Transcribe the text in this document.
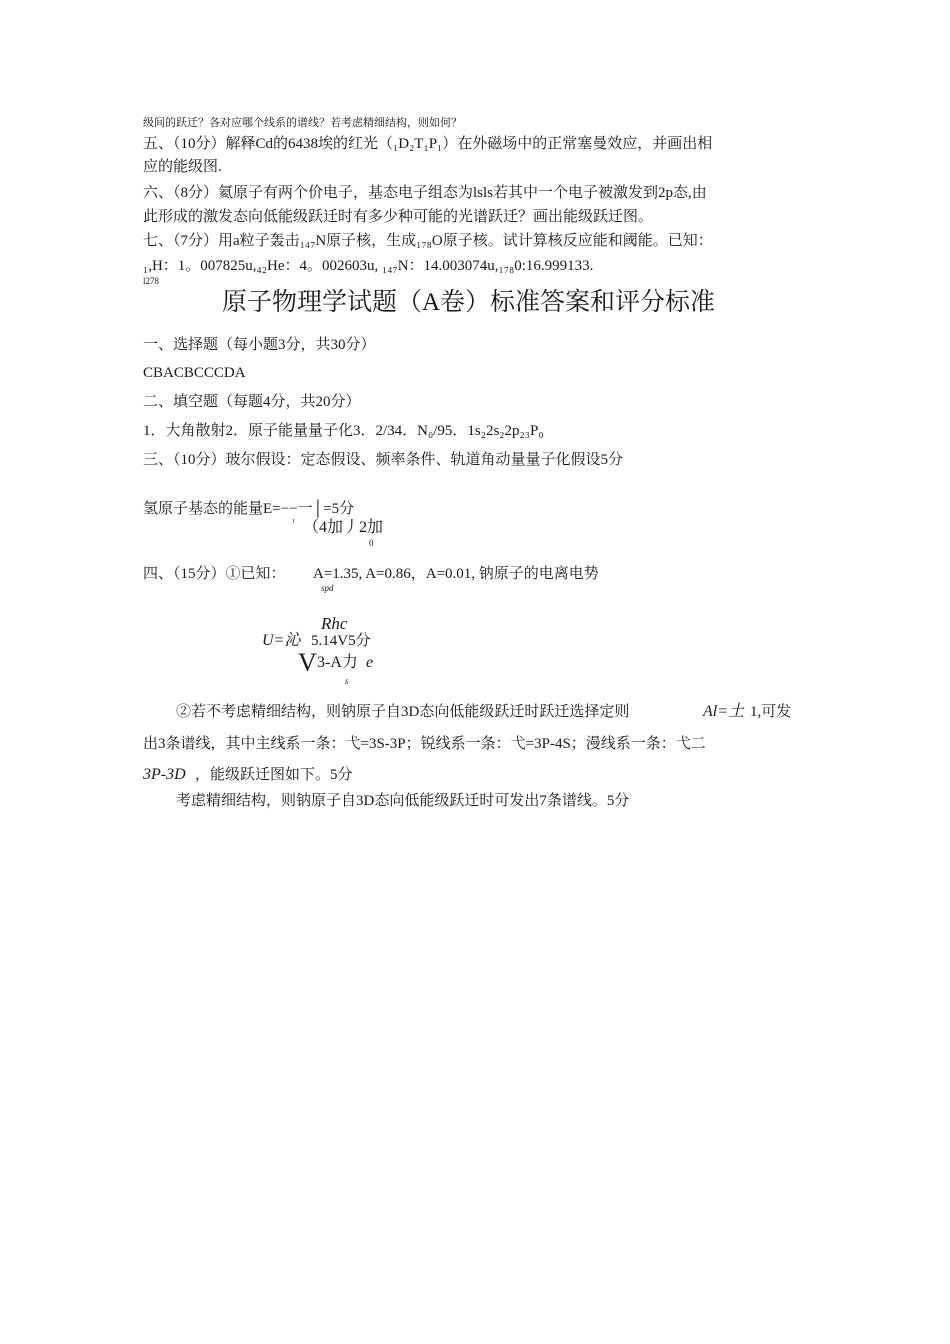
级间的跃迁？各对应哪个线系的谱线？若考虑精细结构，则如何？
五、（10分）解释Cd的6438埃的红光（₁D₂T₁P₁）在外磁场中的正常塞曼效应，并画出相
应的能级图.
六、（8分）氦原子有两个价电子，基态电子组态为lsls若其中一个电子被激发到2p态,由
此形成的激发态向低能级跃迁时有多少种可能的光谱跃迁？画出能级跃迁图。
七、（7分）用a粒子轰击₁₄₇N原子核，生成₁₇₈O原子核。试计算核反应能和阈能。已知：
₁,H：1。007825u,₄₂He：4。002603u, ₁₄₇N：14.003074u,₁₇₈0:16.999133.
l278
原子物理学试题（A卷）标准答案和评分标准
一、选择题（每小题3分，共30分）
CBACBCCCDA
二、填空题（每题4分，共20分）
1．大角散射2．原子能量量子化3．2/34．N₀/95．1s₂2s₂2p₂₃P₀
三、（10分）玻尔假设：定态假设、频率条件、轨道角动量量子化假设5分
氢原子基态的能量E=−−一│=5分
¹ （4加丿2加
0
四、（15分）①已知： A=1.35, A=0.86，A=0.01, 钠原子的电离电势
spd
Rhc
U=沁 5.14V5分
V 3-A力 e
s
②若不考虑精细结构，则钠原子自3D态向低能级跃迁时跃迁选择定则	Al=土 1,可发
出3条谱线，其中主线系一条：弋=3S-3P；锐线系一条：弋=3P-4S；漫线系一条：弋二
3P-3D ，能级跃迁图如下。5分
考虑精细结构，则钠原子自3D态向低能级跃迁时可发出7条谱线。5分
